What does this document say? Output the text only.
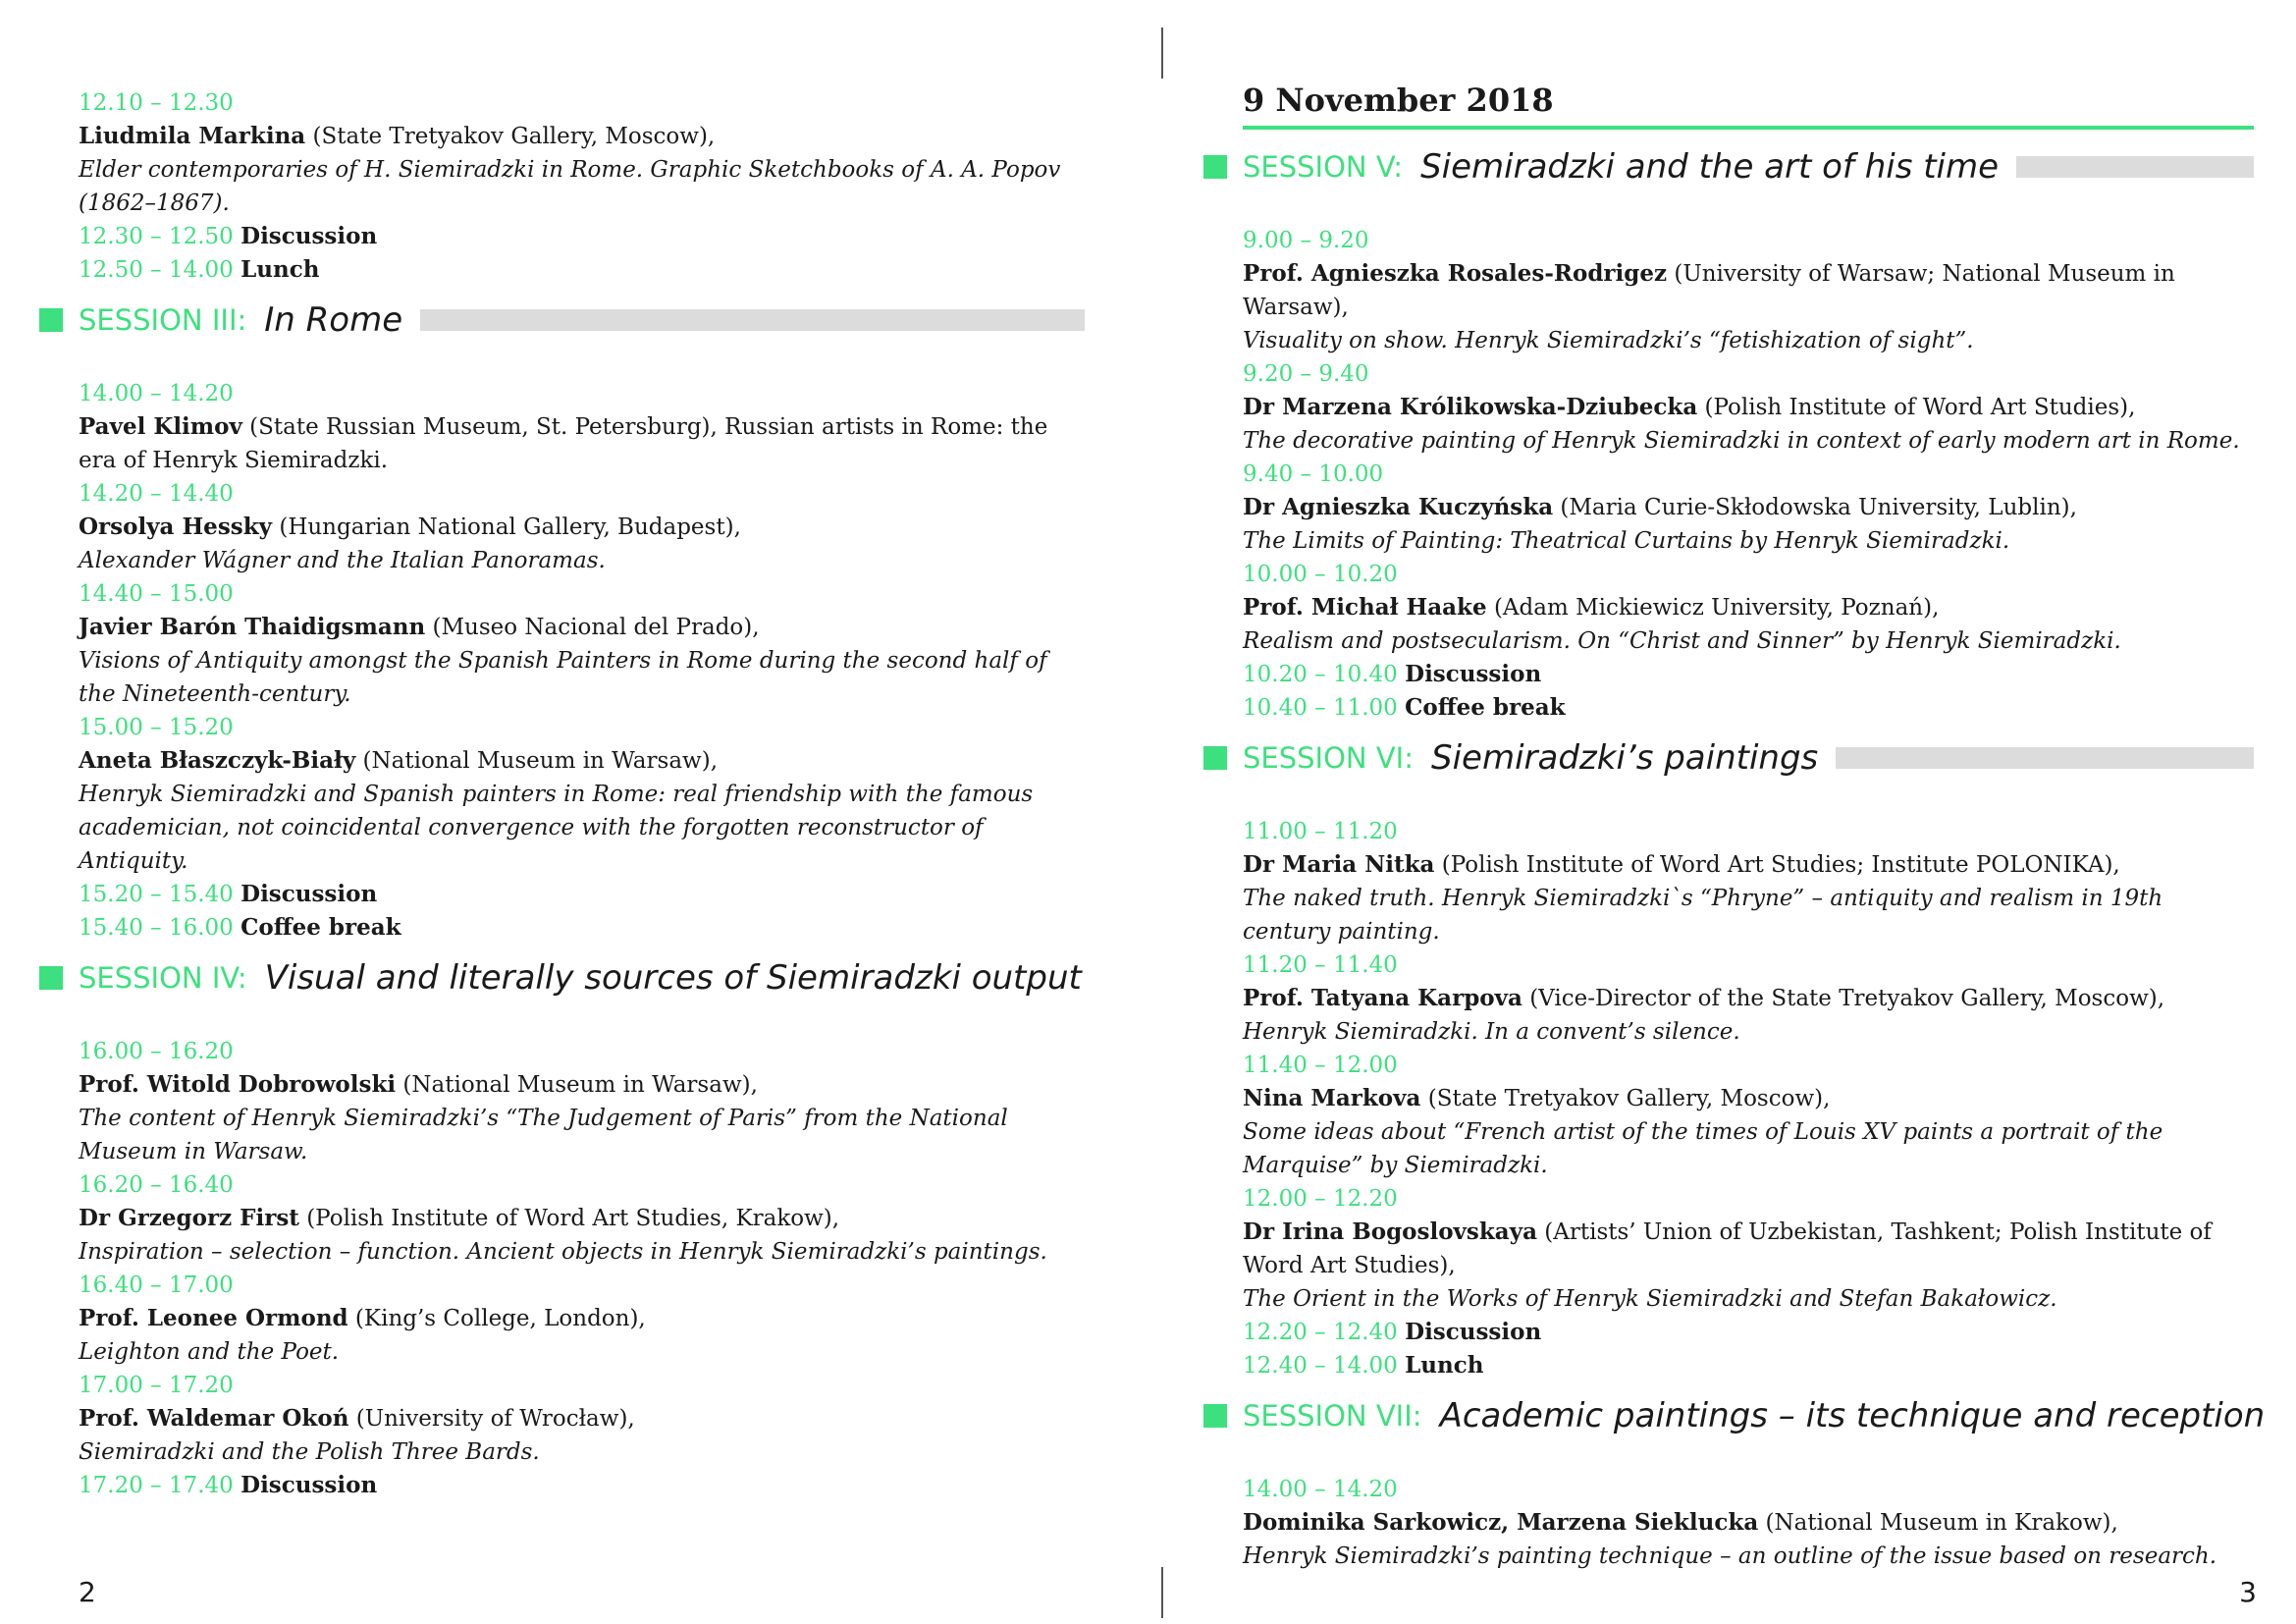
12.10 – 12.30
Liudmila Markina (State Tretyakov Gallery, Moscow),
Elder contemporaries of H. Siemiradzki in Rome. Graphic Sketchbooks of A. A. Popov (1862–1867).
12.30 – 12.50 Discussion
12.50 – 14.00 Lunch
SESSION III: In Rome
14.00 – 14.20
Pavel Klimov (State Russian Museum, St. Petersburg), Russian artists in Rome: the era of Henryk Siemiradzki.
14.20 – 14.40
Orsolya Hessky (Hungarian National Gallery, Budapest),
Alexander Wágner and the Italian Panoramas.
14.40 – 15.00
Javier Barón Thaidigsmann (Museo Nacional del Prado),
Visions of Antiquity amongst the Spanish Painters in Rome during the second half of the Nineteenth-century.
15.00 – 15.20
Aneta Błaszczyk-Biały (National Museum in Warsaw),
Henryk Siemiradzki and Spanish painters in Rome: real friendship with the famous academician, not coincidental convergence with the forgotten reconstructor of Antiquity.
15.20 – 15.40 Discussion
15.40 – 16.00 Coffee break
SESSION IV: Visual and literally sources of Siemiradzki output
16.00 – 16.20
Prof. Witold Dobrowolski (National Museum in Warsaw),
The content of Henryk Siemiradzki’s “The Judgement of Paris” from the National Museum in Warsaw.
16.20 – 16.40
Dr Grzegorz First (Polish Institute of Word Art Studies, Krakow),
Inspiration – selection – function. Ancient objects in Henryk Siemiradzki’s paintings.
16.40 – 17.00
Prof. Leonee Ormond (King’s College, London),
Leighton and the Poet.
17.00 – 17.20
Prof. Waldemar Okoń (University of Wrocław),
Siemiradzki and the Polish Three Bards.
17.20 – 17.40 Discussion
2
9 November 2018
SESSION V: Siemiradzki and the art of his time
9.00 – 9.20
Prof. Agnieszka Rosales-Rodrigez (University of Warsaw; National Museum in Warsaw),
Visuality on show. Henryk Siemiradzki’s “fetishization of sight”.
9.20 – 9.40
Dr Marzena Królikowska-Dziubecka (Polish Institute of Word Art Studies),
The decorative painting of Henryk Siemiradzki in context of early modern art in Rome.
9.40 – 10.00
Dr Agnieszka Kuczyńska (Maria Curie-Skłodowska University, Lublin),
The Limits of Painting: Theatrical Curtains by Henryk Siemiradzki.
10.00 – 10.20
Prof. Michał Haake (Adam Mickiewicz University, Poznań),
Realism and postsecularism. On “Christ and Sinner” by Henryk Siemiradzki.
10.20 – 10.40 Discussion
10.40 – 11.00 Coffee break
SESSION VI: Siemiradzki’s paintings
11.00 – 11.20
Dr Maria Nitka (Polish Institute of Word Art Studies; Institute POLONIKA),
The naked truth. Henryk Siemiradzki`s “Phryne” – antiquity and realism in 19th century painting.
11.20 – 11.40
Prof. Tatyana Karpova (Vice-Director of the State Tretyakov Gallery, Moscow),
Henryk Siemiradzki. In a convent’s silence.
11.40 – 12.00
Nina Markova (State Tretyakov Gallery, Moscow),
Some ideas about “French artist of the times of Louis XV paints a portrait of the Marquise” by Siemiradzki.
12.00 – 12.20
Dr Irina Bogoslovskaya (Artists’ Union of Uzbekistan, Tashkent; Polish Institute of Word Art Studies),
The Orient in the Works of Henryk Siemiradzki and Stefan Bakałowicz.
12.20 – 12.40 Discussion
12.40 – 14.00 Lunch
SESSION VII: Academic paintings – its technique and reception
14.00 – 14.20
Dominika Sarkowicz, Marzena Sieklucka (National Museum in Krakow),
Henryk Siemiradzki’s painting technique – an outline of the issue based on research.
3
